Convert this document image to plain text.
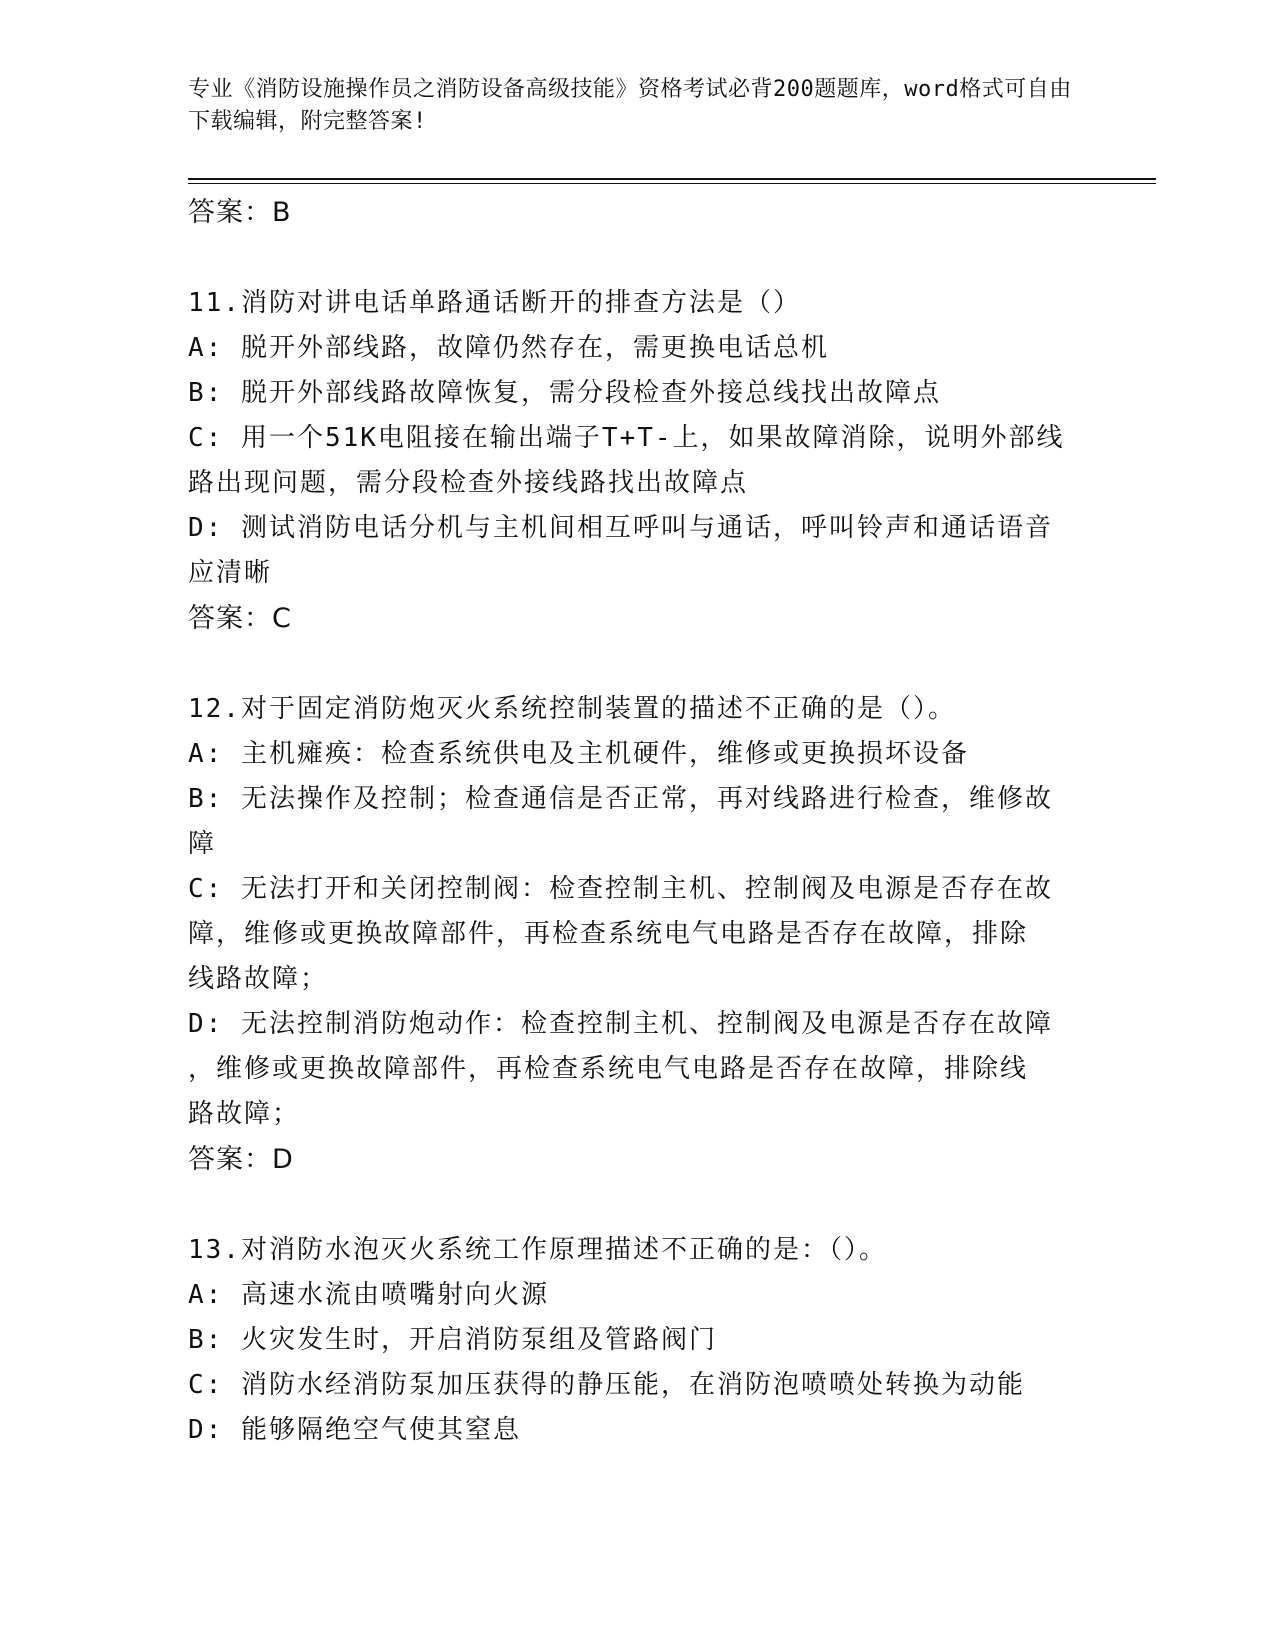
专业《消防设施操作员之消防设备高级技能》资格考试必背200题题库，word格式可自由下载编辑，附完整答案!
答案：B
11.消防对讲电话单路通话断开的排查方法是（）
A: 脱开外部线路，故障仍然存在，需更换电话总机
B: 脱开外部线路故障恢复，需分段检查外接总线找出故障点
C: 用一个51K电阻接在输出端子T+T-上，如果故障消除，说明外部线
路出现问题，需分段检查外接线路找出故障点
D: 测试消防电话分机与主机间相互呼叫与通话，呼叫铃声和通话语音
应清晰
答案：C
12.对于固定消防炮灭火系统控制装置的描述不正确的是（）。
A: 主机瘫痪：检查系统供电及主机硬件，维修或更换损坏设备
B: 无法操作及控制；检查通信是否正常，再对线路进行检查，维修故
障
C: 无法打开和关闭控制阀：检查控制主机、控制阀及电源是否存在故
障，维修或更换故障部件，再检查系统电气电路是否存在故障，排除
线路故障；
D: 无法控制消防炮动作：检查控制主机、控制阀及电源是否存在故障
，维修或更换故障部件，再检查系统电气电路是否存在故障，排除线
路故障；
答案：D
13.对消防水泡灭火系统工作原理描述不正确的是：（）。
A: 高速水流由喷嘴射向火源
B: 火灾发生时，开启消防泵组及管路阀门
C: 消防水经消防泵加压获得的静压能，在消防泡喷喷处转换为动能
D: 能够隔绝空气使其窒息
